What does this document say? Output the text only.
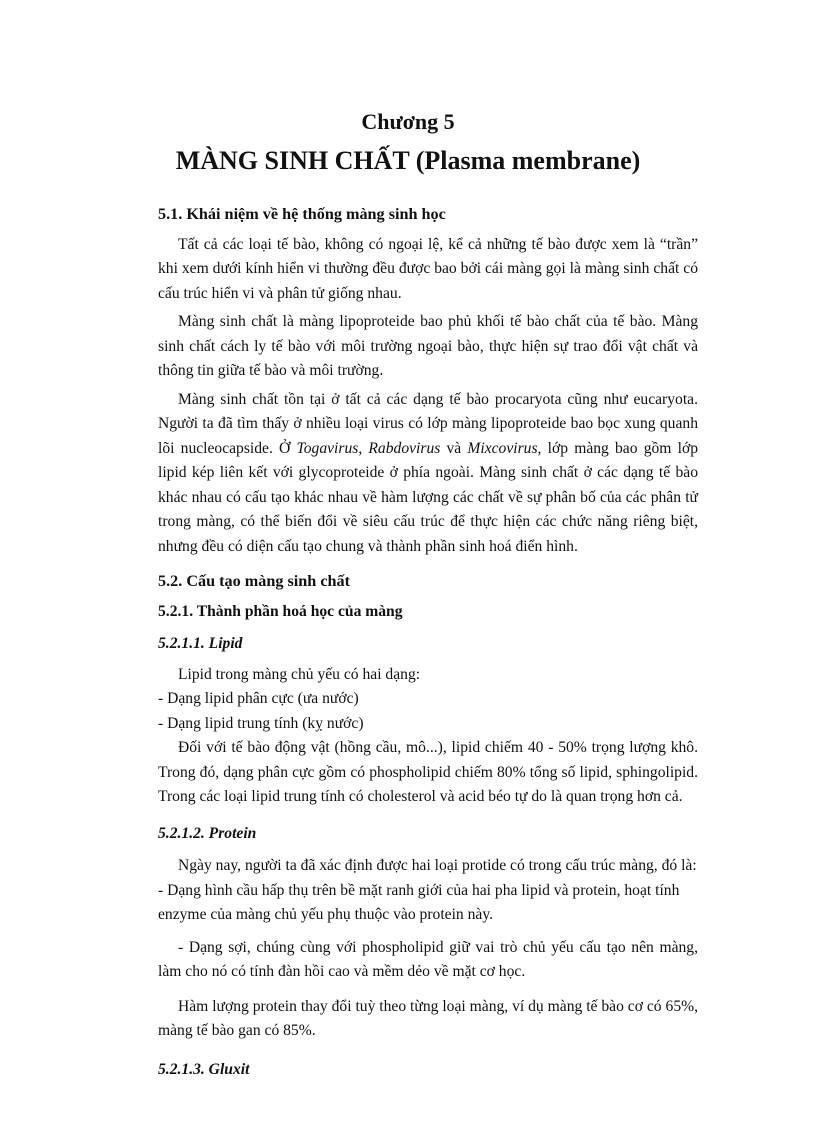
Chương 5
MÀNG SINH CHẤT (Plasma membrane)
5.1. Khái niệm về hệ thống màng sinh học

Tất cả các loại tế bào, không có ngoại lệ, kể cả những tế bào được xem là “trần” khi xem dưới kính hiển vi thường đều được bao bởi cái màng gọi là màng sinh chất có cấu trúc hiển vi và phân tử giống nhau.

Màng sinh chất là màng lipoproteide bao phủ khối tế bào chất của tế bào. Màng sinh chất cách ly tế bào với môi trường ngoại bào, thực hiện sự trao đổi vật chất và thông tin giữa tế bào và môi trường.

Màng sinh chất tồn tại ở tất cả các dạng tế bào procaryota cũng như eucaryota. Người ta đã tìm thấy ở nhiều loại virus có lớp màng lipoproteide bao bọc xung quanh lõi nucleocapside. Ở Togavirus, Rabdovirus và Mixcovirus, lớp màng bao gồm lớp lipid kép liên kết với glycoproteide ở phía ngoài. Màng sinh chất ở các dạng tế bào khác nhau có cấu tạo khác nhau về hàm lượng các chất về sự phân bố của các phân tử trong màng, có thể biến đổi về siêu cấu trúc để thực hiện các chức năng riêng biệt, nhưng đều có diện cấu tạo chung và thành phần sinh hoá điển hình.

5.2. Cấu tạo màng sinh chất
5.2.1. Thành phần hoá học của màng
5.2.1.1. Lipid

Lipid trong màng chủ yếu có hai dạng:

- Dạng lipid phân cực (ưa nước)

- Dạng lipid trung tính (kỵ nước)

Đối với tế bào động vật (hồng cầu, mô...), lipid chiếm 40 - 50% trọng lượng khô. Trong đó, dạng phân cực gồm có phospholipid chiếm 80% tổng số lipid, sphingolipid. Trong các loại lipid trung tính có cholesterol và acid béo tự do là quan trọng hơn cả.

5.2.1.2. Protein

Ngày nay, người ta đã xác định được hai loại protide có trong cấu trúc màng, đó là:

- Dạng hình cầu hấp thụ trên bề mặt ranh giới của hai pha lipid và protein, hoạt tính enzyme của màng chủ yếu phụ thuộc vào protein này.

- Dạng sợi, chúng cùng với phospholipid giữ vai trò chủ yếu cấu tạo nên màng, làm cho nó có tính đàn hồi cao và mềm dẻo về mặt cơ học.

Hàm lượng protein thay đổi tuỳ theo từng loại màng, ví dụ màng tế bào cơ có 65%, màng tế bào gan có 85%.

5.2.1.3. Gluxit
